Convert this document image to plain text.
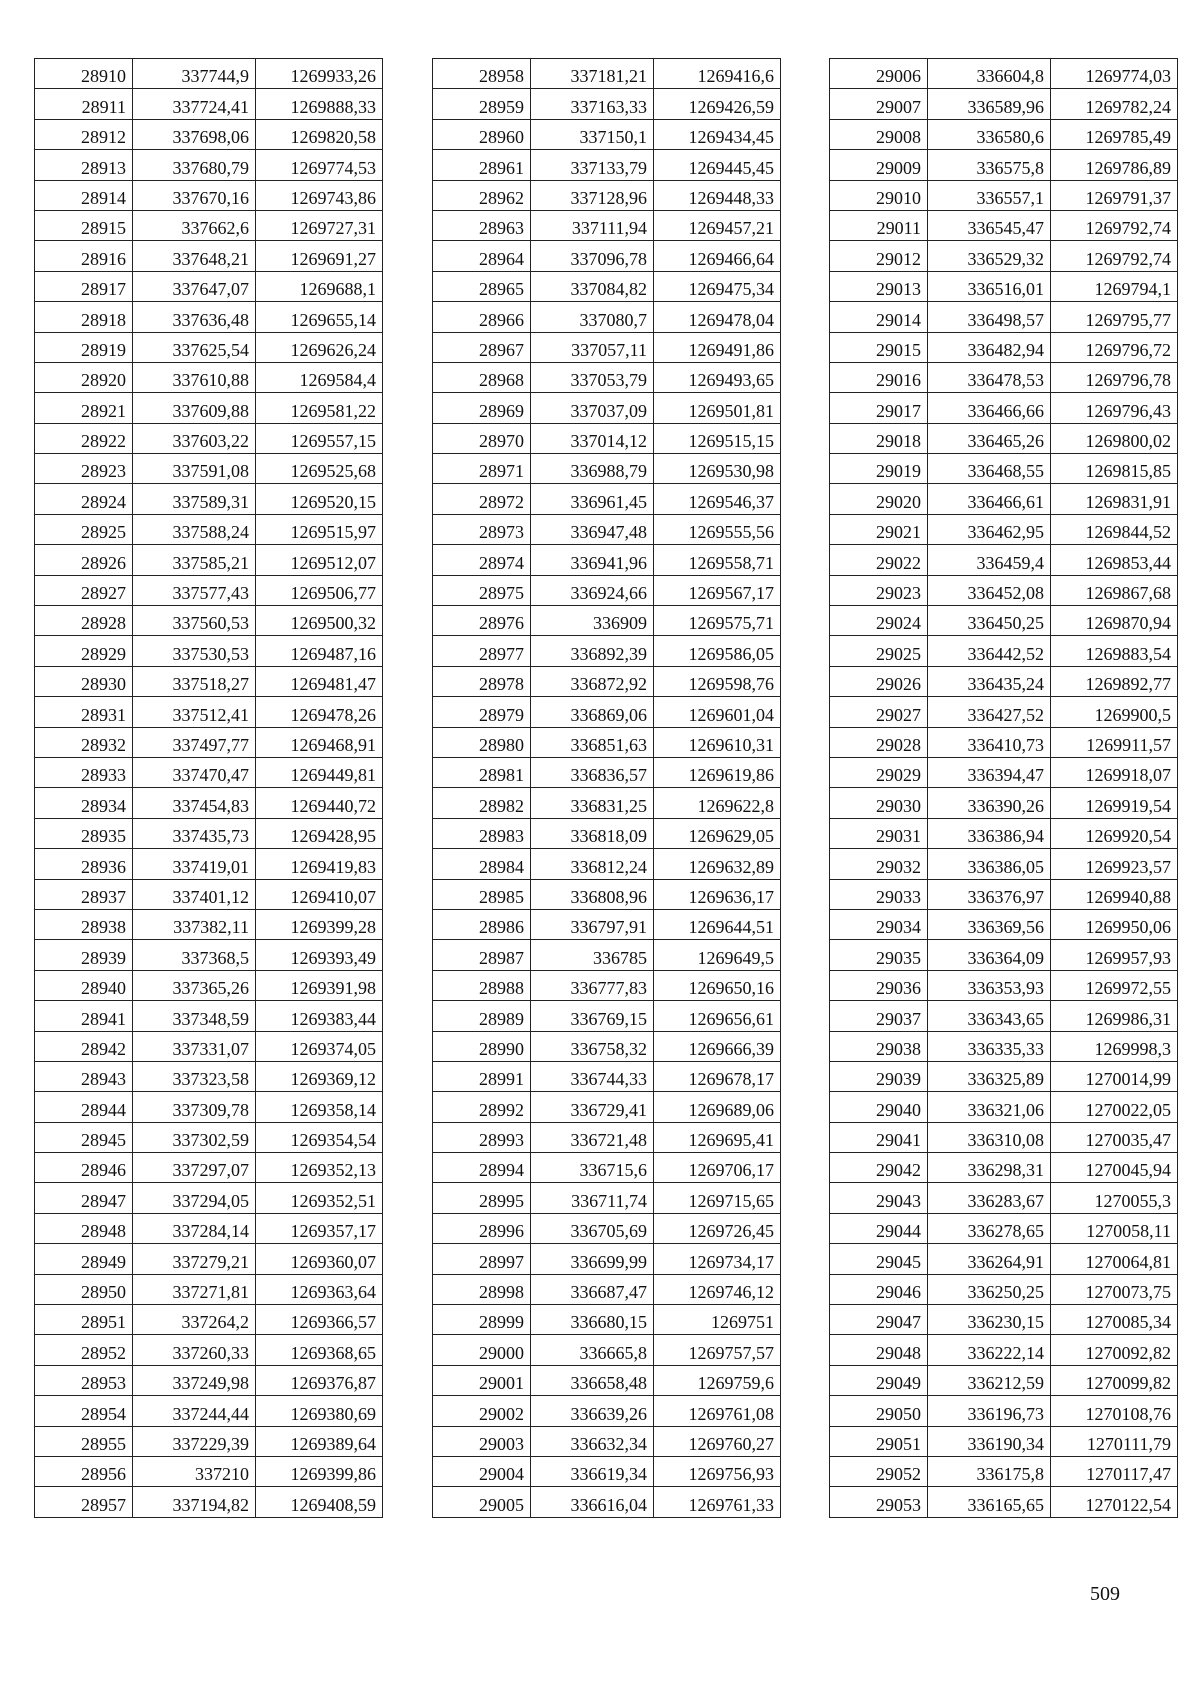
28910	337744,9	1269933,26
28911	337724,41	1269888,33
28912	337698,06	1269820,58
28913	337680,79	1269774,53
28914	337670,16	1269743,86
28915	337662,6	1269727,31
28916	337648,21	1269691,27
28917	337647,07	1269688,1
28918	337636,48	1269655,14
28919	337625,54	1269626,24
28920	337610,88	1269584,4
28921	337609,88	1269581,22
28922	337603,22	1269557,15
28923	337591,08	1269525,68
28924	337589,31	1269520,15
28925	337588,24	1269515,97
28926	337585,21	1269512,07
28927	337577,43	1269506,77
28928	337560,53	1269500,32
28929	337530,53	1269487,16
28930	337518,27	1269481,47
28931	337512,41	1269478,26
28932	337497,77	1269468,91
28933	337470,47	1269449,81
28934	337454,83	1269440,72
28935	337435,73	1269428,95
28936	337419,01	1269419,83
28937	337401,12	1269410,07
28938	337382,11	1269399,28
28939	337368,5	1269393,49
28940	337365,26	1269391,98
28941	337348,59	1269383,44
28942	337331,07	1269374,05
28943	337323,58	1269369,12
28944	337309,78	1269358,14
28945	337302,59	1269354,54
28946	337297,07	1269352,13
28947	337294,05	1269352,51
28948	337284,14	1269357,17
28949	337279,21	1269360,07
28950	337271,81	1269363,64
28951	337264,2	1269366,57
28952	337260,33	1269368,65
28953	337249,98	1269376,87
28954	337244,44	1269380,69
28955	337229,39	1269389,64
28956	337210	1269399,86
28957	337194,82	1269408,59
28958	337181,21	1269416,6
28959	337163,33	1269426,59
28960	337150,1	1269434,45
28961	337133,79	1269445,45
28962	337128,96	1269448,33
28963	337111,94	1269457,21
28964	337096,78	1269466,64
28965	337084,82	1269475,34
28966	337080,7	1269478,04
28967	337057,11	1269491,86
28968	337053,79	1269493,65
28969	337037,09	1269501,81
28970	337014,12	1269515,15
28971	336988,79	1269530,98
28972	336961,45	1269546,37
28973	336947,48	1269555,56
28974	336941,96	1269558,71
28975	336924,66	1269567,17
28976	336909	1269575,71
28977	336892,39	1269586,05
28978	336872,92	1269598,76
28979	336869,06	1269601,04
28980	336851,63	1269610,31
28981	336836,57	1269619,86
28982	336831,25	1269622,8
28983	336818,09	1269629,05
28984	336812,24	1269632,89
28985	336808,96	1269636,17
28986	336797,91	1269644,51
28987	336785	1269649,5
28988	336777,83	1269650,16
28989	336769,15	1269656,61
28990	336758,32	1269666,39
28991	336744,33	1269678,17
28992	336729,41	1269689,06
28993	336721,48	1269695,41
28994	336715,6	1269706,17
28995	336711,74	1269715,65
28996	336705,69	1269726,45
28997	336699,99	1269734,17
28998	336687,47	1269746,12
28999	336680,15	1269751
29000	336665,8	1269757,57
29001	336658,48	1269759,6
29002	336639,26	1269761,08
29003	336632,34	1269760,27
29004	336619,34	1269756,93
29005	336616,04	1269761,33
29006	336604,8	1269774,03
29007	336589,96	1269782,24
29008	336580,6	1269785,49
29009	336575,8	1269786,89
29010	336557,1	1269791,37
29011	336545,47	1269792,74
29012	336529,32	1269792,74
29013	336516,01	1269794,1
29014	336498,57	1269795,77
29015	336482,94	1269796,72
29016	336478,53	1269796,78
29017	336466,66	1269796,43
29018	336465,26	1269800,02
29019	336468,55	1269815,85
29020	336466,61	1269831,91
29021	336462,95	1269844,52
29022	336459,4	1269853,44
29023	336452,08	1269867,68
29024	336450,25	1269870,94
29025	336442,52	1269883,54
29026	336435,24	1269892,77
29027	336427,52	1269900,5
29028	336410,73	1269911,57
29029	336394,47	1269918,07
29030	336390,26	1269919,54
29031	336386,94	1269920,54
29032	336386,05	1269923,57
29033	336376,97	1269940,88
29034	336369,56	1269950,06
29035	336364,09	1269957,93
29036	336353,93	1269972,55
29037	336343,65	1269986,31
29038	336335,33	1269998,3
29039	336325,89	1270014,99
29040	336321,06	1270022,05
29041	336310,08	1270035,47
29042	336298,31	1270045,94
29043	336283,67	1270055,3
29044	336278,65	1270058,11
29045	336264,91	1270064,81
29046	336250,25	1270073,75
29047	336230,15	1270085,34
29048	336222,14	1270092,82
29049	336212,59	1270099,82
29050	336196,73	1270108,76
29051	336190,34	1270111,79
29052	336175,8	1270117,47
29053	336165,65	1270122,54
509
